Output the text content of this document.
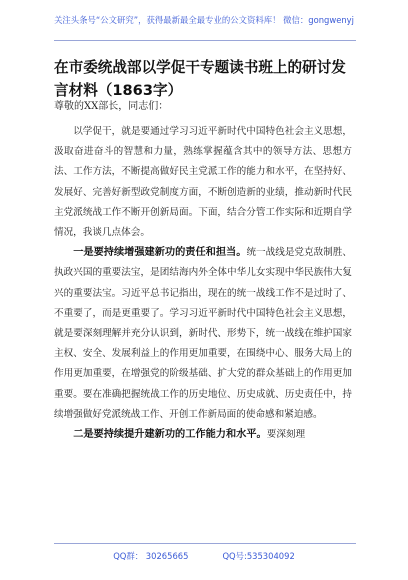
关注头条号“公文研究”，获得最新最全最专业的公文资料库！ 微信：gongwenyj
在市委统战部以学促干专题读书班上的研讨发言材料（1863字）
尊敬的XX部长，同志们：

以学促干，就是要通过学习习近平新时代中国特色社会主义思想，汲取奋进奋斗的智慧和力量，熟练掌握蕴含其中的领导方法、思想方法、工作方法，不断提高做好民主党派工作的能力和水平，在坚持好、发展好、完善好新型政党制度方面，不断创造新的业绩，推动新时代民主党派统战工作不断开创新局面。下面，结合分管工作实际和近期自学情况，我谈几点体会。

一是要持续增强建新功的责任和担当。统一战线是党克敌制胜、执政兴国的重要法宝，是团结海内外全体中华儿女实现中华民族伟大复兴的重要法宝。习近平总书记指出，现在的统一战线工作不是过时了、不重要了，而是更重要了。学习习近平新时代中国特色社会主义思想，就是要深刻理解并充分认识到，新时代、形势下，统一战线在维护国家主权、安全、发展利益上的作用更加重要，在围绕中心、服务大局上的作用更加重要，在增强党的阶级基础、扩大党的群众基础上的作用更加重要。要在准确把握统战工作的历史地位、历史成就、历史责任中，持续增强做好党派统战工作、开创工作新局面的使命感和紧迫感。

二是要持续提升建新功的工作能力和水平。要深刻理

QQ群： 30265665	QQ号:535304092
